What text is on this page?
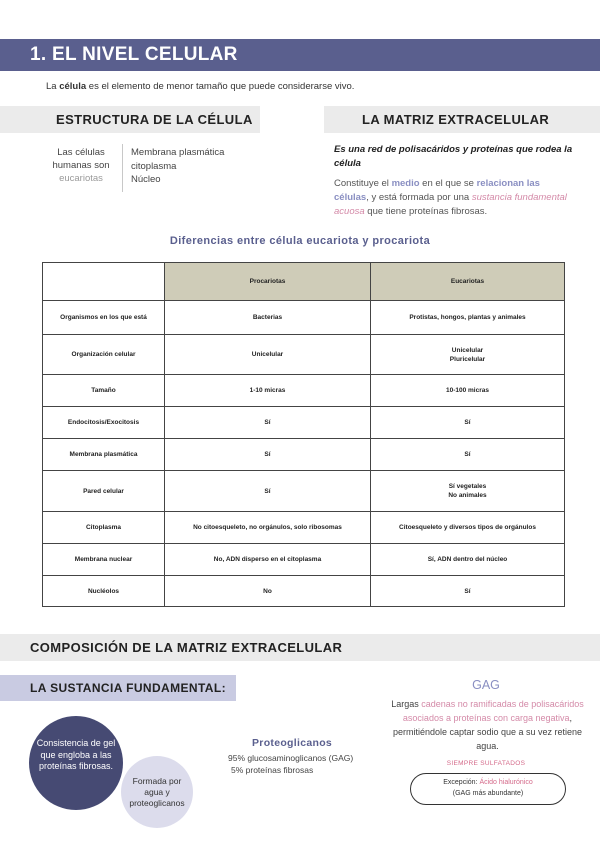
1. EL NIVEL CELULAR
La célula es el elemento de menor tamaño que puede considerarse vivo.
ESTRUCTURA DE LA CÉLULA	LA MATRIZ EXTRACELULAR
Las células
humanas son
eucariotas
Membrana plasmática
citoplasma
Núcleo
Es una red de polisacáridos y proteínas que rodea la célula
Constituye el medio en el que se relacionan las células, y está formada por una sustancia fundamental acuosa que tiene proteínas fibrosas.
Diferencias entre célula eucariota y procariota
	Procariotas	Eucariotas
Organismos en los que está	Bacterias	Protistas, hongos, plantas y animales
Organización celular	Unicelular	Unicelular
Pluricelular

Tamaño	1-10 micras	10-100 micras
Endocitosis/Exocitosis	Sí	Sí
Membrana plasmática	Sí	Sí
Pared celular	Sí	Sí vegetales
No animales

Citoplasma	No citoesqueleto, no orgánulos, solo ribosomas	Citoesqueleto y diversos tipos de orgánulos
Membrana nuclear	No, ADN disperso en el citoplasma	Sí, ADN dentro del núcleo
Nucléolos	No	Sí
COMPOSICIÓN DE LA MATRIZ EXTRACELULAR
LA SUSTANCIA FUNDAMENTAL:
Consistencia de gel que engloba a las proteínas fibrosas.
Formada por agua y proteoglicanos
Proteoglicanos
95% glucosaminoglicanos (GAG)
5% proteínas fibrosas
GAG
Largas cadenas no ramificadas de polisacáridos asociados a proteínas con carga negativa, permitiéndole captar sodio que a su vez retiene agua.
SIEMPRE SULFATADOS
Excepción: Ácido hialurónico
(GAG más abundante)
